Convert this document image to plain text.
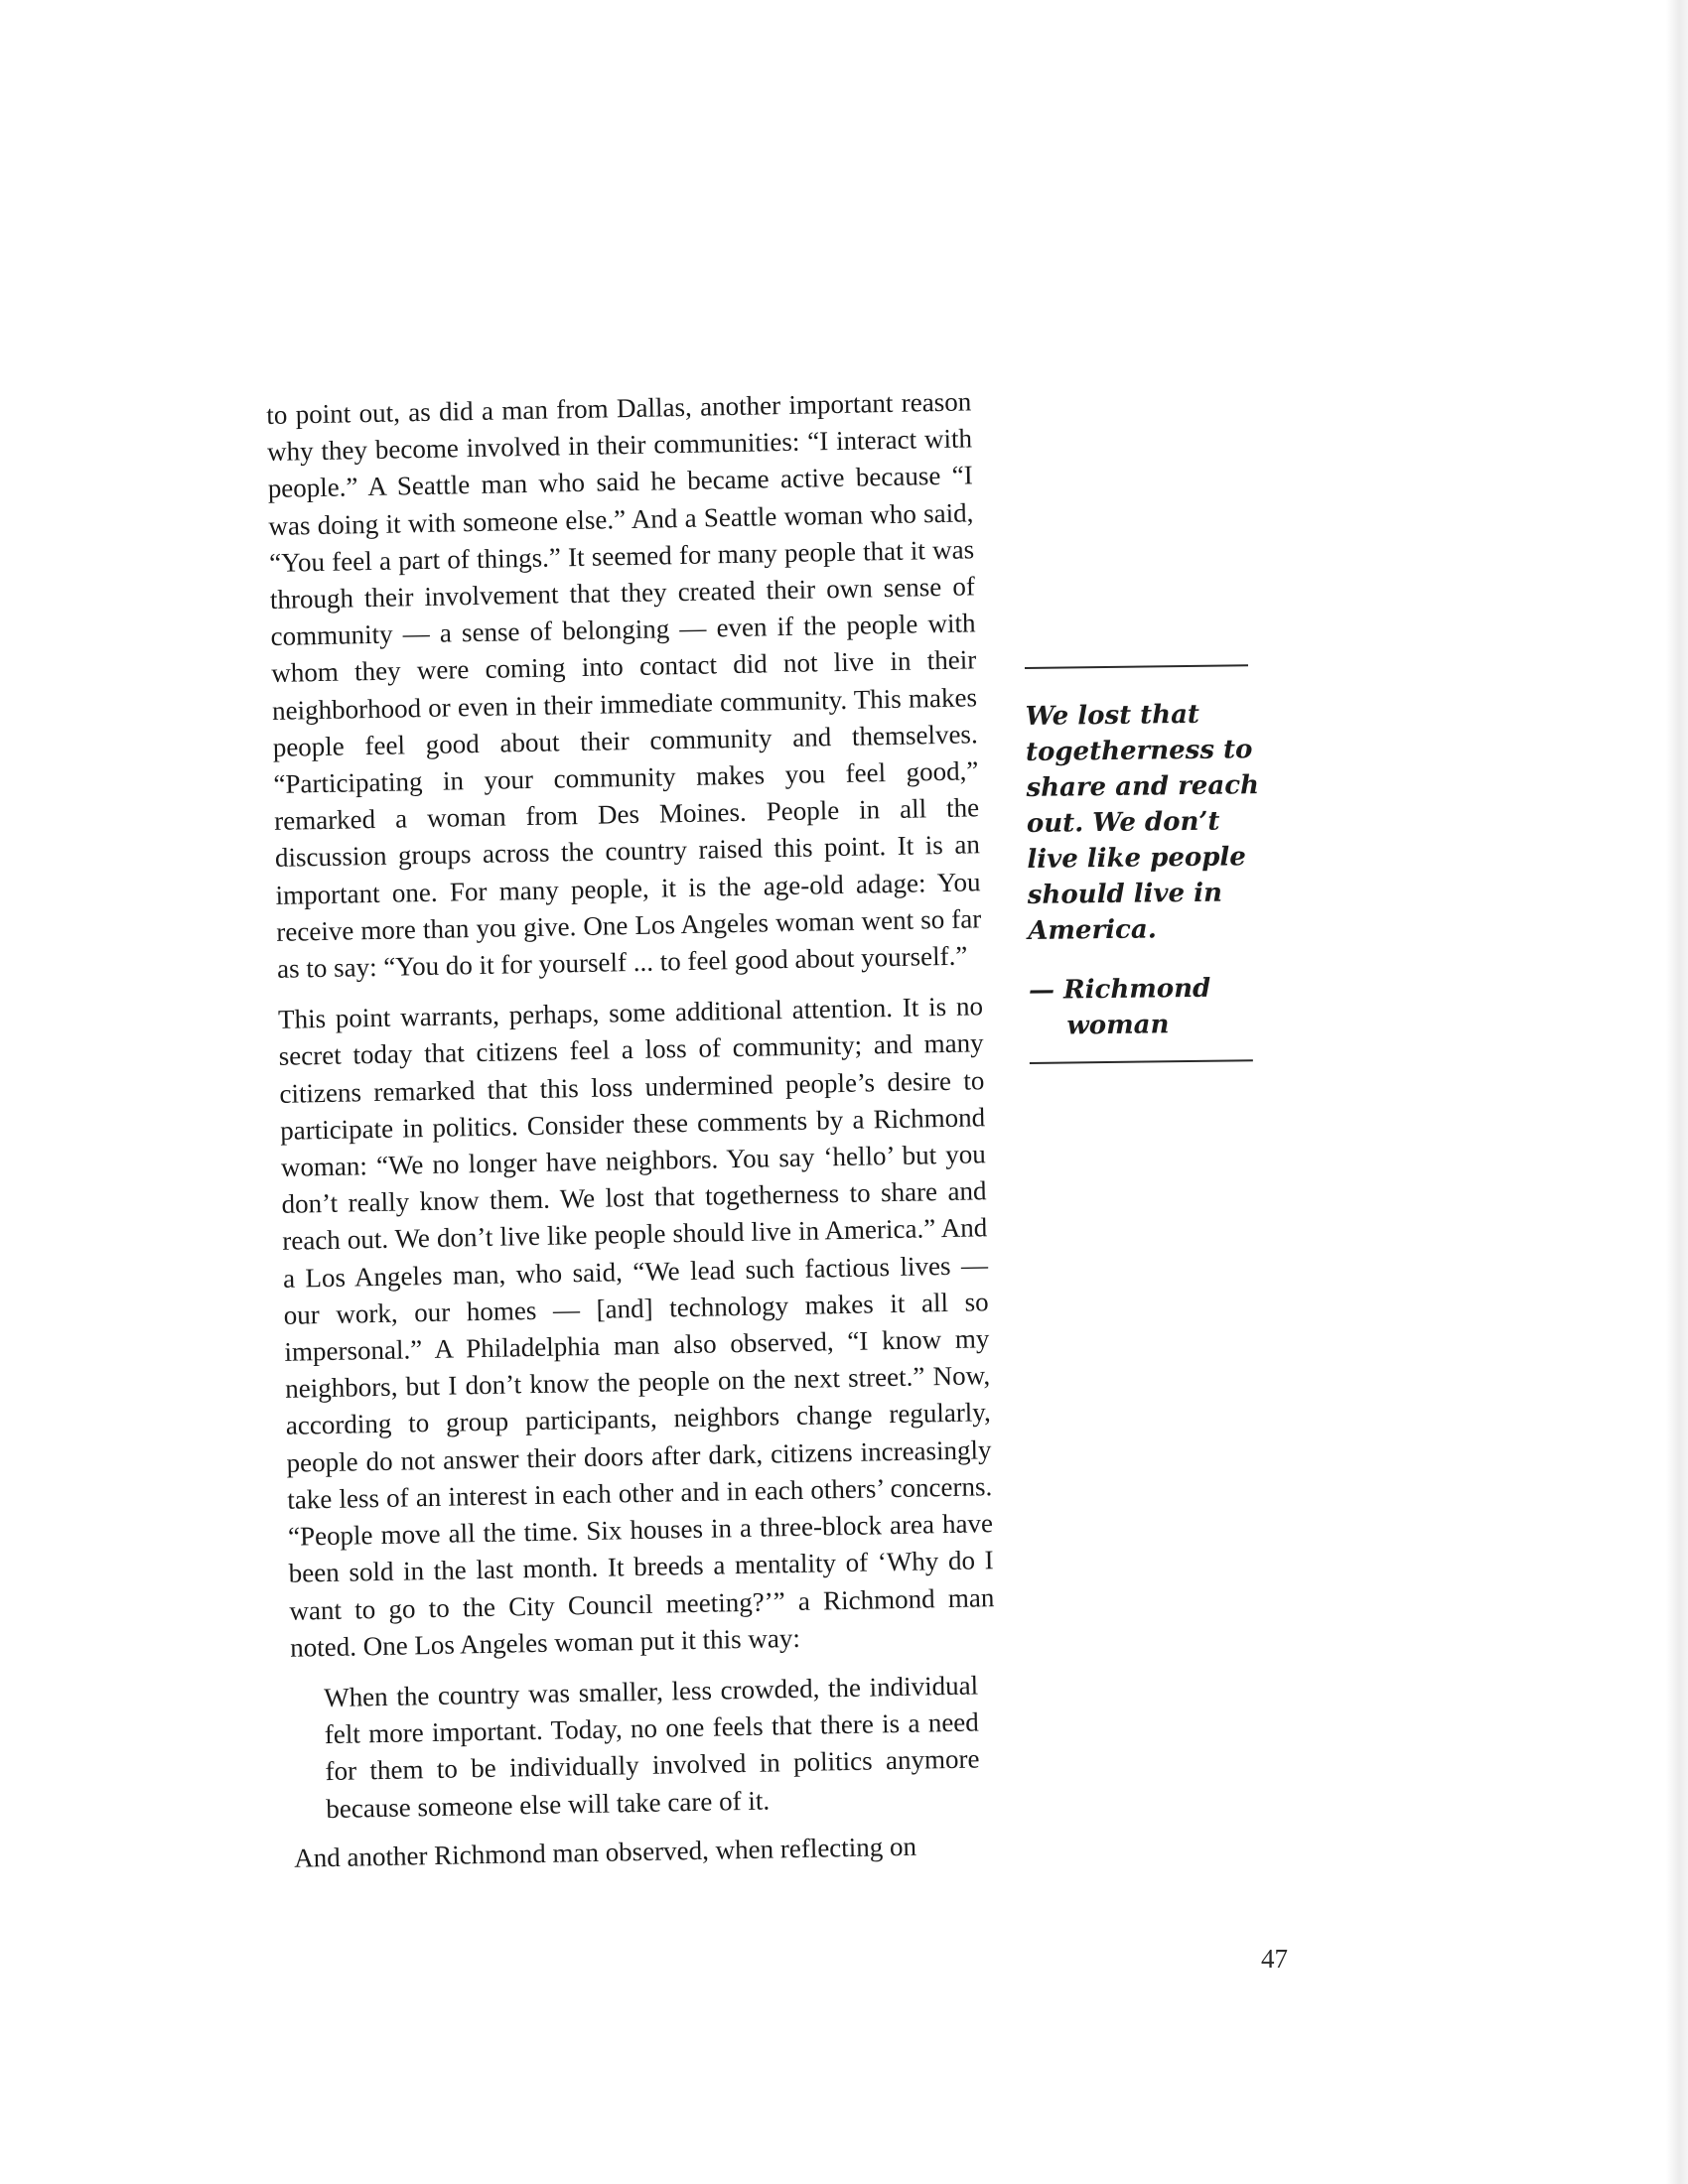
to point out, as did a man from Dallas, another important reason why they become involved in their communities: “I interact with people.” A Seattle man who said he became active because “I was doing it with someone else.” And a Seattle woman who said, “You feel a part of things.” It seemed for many people that it was through their involvement that they created their own sense of community — a sense of belonging — even if the people with whom they were coming into contact did not live in their neighborhood or even in their immediate community. This makes people feel good about their community and themselves. “Participating in your community makes you feel good,” remarked a woman from Des Moines. People in all the discussion groups across the country raised this point. It is an important one. For many people, it is the age-old adage: You receive more than you give. One Los Angeles woman went so far as to say: “You do it for yourself ... to feel good about yourself.”

This point warrants, perhaps, some additional attention. It is no secret today that citizens feel a loss of community; and many citizens remarked that this loss undermined people’s desire to participate in politics. Consider these comments by a Richmond woman: “We no longer have neighbors. You say ‘hello’ but you don’t really know them. We lost that togetherness to share and reach out. We don’t live like people should live in America.” And a Los Angeles man, who said, “We lead such factious lives — our work, our homes — [and] technology makes it all so impersonal.” A Philadelphia man also observed, “I know my neighbors, but I don’t know the people on the next street.” Now, according to group participants, neighbors change regularly, people do not answer their doors after dark, citizens increasingly take less of an interest in each other and in each others’ concerns. “People move all the time. Six houses in a three-block area have been sold in the last month. It breeds a mentality of ‘Why do I want to go to the City Council meeting?’” a Richmond man noted. One Los Angeles woman put it this way:

When the country was smaller, less crowded, the individual felt more important. Today, no one feels that there is a need for them to be individually involved in politics anymore because someone else will take care of it.

And another Richmond man observed, when reflecting on

We lost that togetherness to share and reach out. We don’t live like people should live in America.

— Richmond woman

47
